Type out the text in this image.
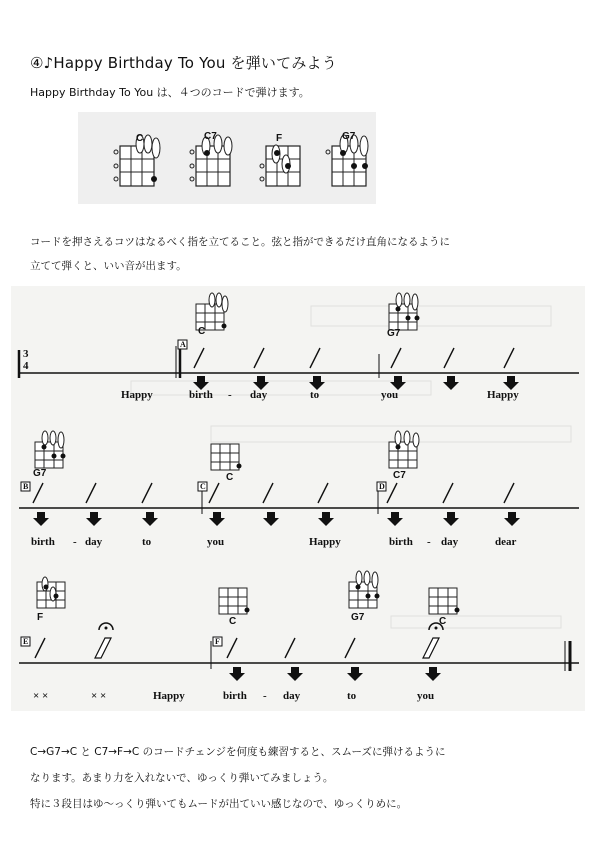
④♪Happy Birthday To You を弾いてみよう
Happy Birthday To You は、４つのコードで弾けます。
C	C7	F	G7
コードを押さえるコツはなるべく指を立てること。弦と指ができるだけ直角になるように
立てて弾くと、いい音が出ます。
3
4
A
B	C	D
E	F
C	G7
G7	C	C7
F	C	G7	C
Happy	birth - day	to	you	Happy
birth - day	to	you	Happy	birth - day	dear
× ×	× ×	Happy	birth - day	to	you
C→G7→C と C7→F→C のコードチェンジを何度も練習すると、スムーズに弾けるように
なります。あまり力を入れないで、ゆっくり弾いてみましょう。
特に３段目はゆ～っくり弾いてもムードが出ていい感じなので、ゆっくりめに。
